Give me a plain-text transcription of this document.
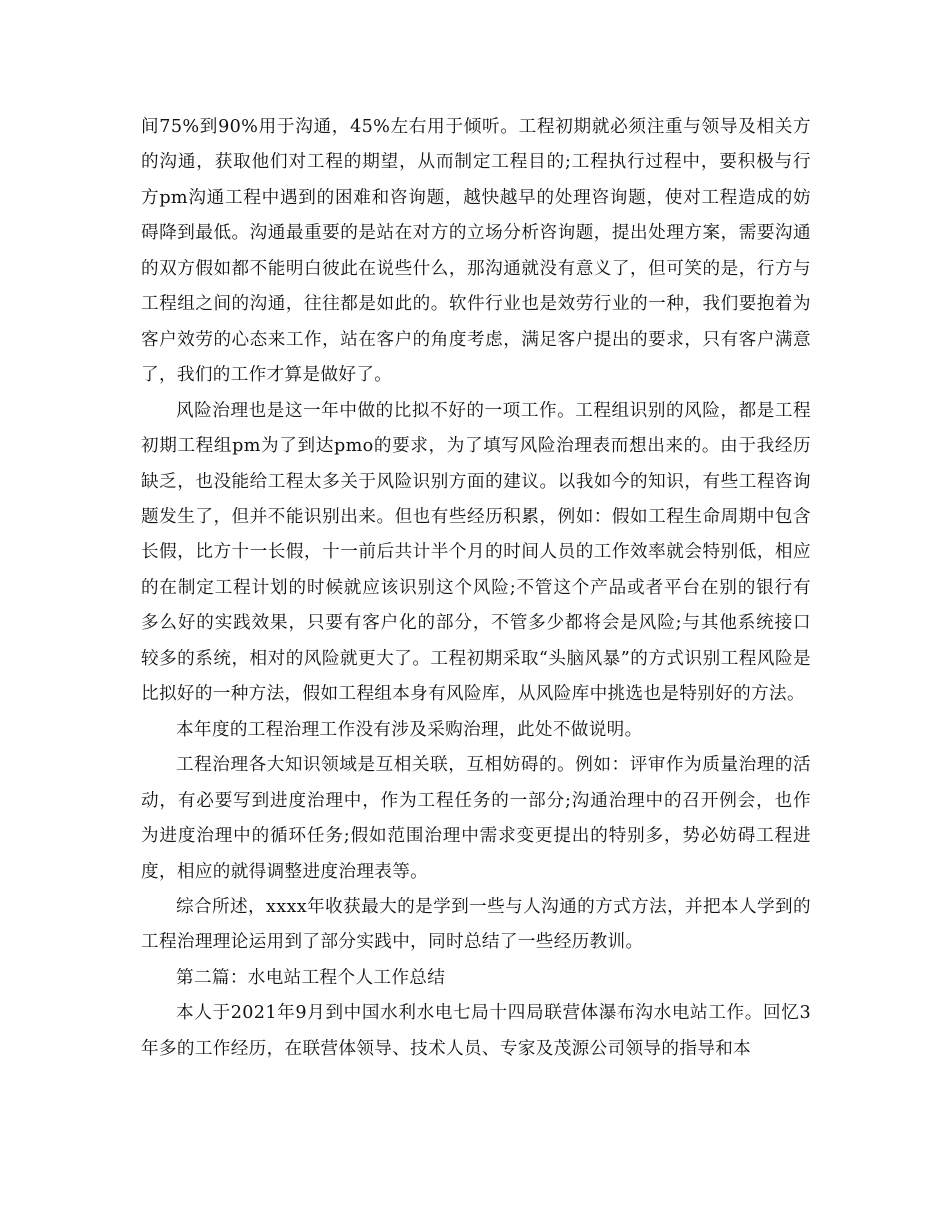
间75%到90%用于沟通，45%左右用于倾听。工程初期就必须注重与领导及相关方的沟通，获取他们对工程的期望，从而制定工程目的;工程执行过程中，要积极与行方pm沟通工程中遇到的困难和咨询题，越快越早的处理咨询题，使对工程造成的妨碍降到最低。沟通最重要的是站在对方的立场分析咨询题，提出处理方案，需要沟通的双方假如都不能明白彼此在说些什么，那沟通就没有意义了，但可笑的是，行方与工程组之间的沟通，往往都是如此的。软件行业也是效劳行业的一种，我们要抱着为客户效劳的心态来工作，站在客户的角度考虑，满足客户提出的要求，只有客户满意了，我们的工作才算是做好了。

风险治理也是这一年中做的比拟不好的一项工作。工程组识别的风险，都是工程初期工程组pm为了到达pmo的要求，为了填写风险治理表而想出来的。由于我经历缺乏，也没能给工程太多关于风险识别方面的建议。以我如今的知识，有些工程咨询题发生了，但并不能识别出来。但也有些经历积累，例如：假如工程生命周期中包含长假，比方十一长假，十一前后共计半个月的时间人员的工作效率就会特别低，相应的在制定工程计划的时候就应该识别这个风险;不管这个产品或者平台在别的银行有多么好的实践效果，只要有客户化的部分，不管多少都将会是风险;与其他系统接口较多的系统，相对的风险就更大了。工程初期采取“头脑风暴”的方式识别工程风险是比拟好的一种方法，假如工程组本身有风险库，从风险库中挑选也是特别好的方法。

本年度的工程治理工作没有涉及采购治理，此处不做说明。

工程治理各大知识领域是互相关联，互相妨碍的。例如：评审作为质量治理的活动，有必要写到进度治理中，作为工程任务的一部分;沟通治理中的召开例会，也作为进度治理中的循环任务;假如范围治理中需求变更提出的特别多，势必妨碍工程进度，相应的就得调整进度治理表等。

综合所述，xxxx年收获最大的是学到一些与人沟通的方式方法，并把本人学到的工程治理理论运用到了部分实践中，同时总结了一些经历教训。

第二篇：水电站工程个人工作总结

本人于2021年9月到中国水利水电七局十四局联营体瀑布沟水电站工作。回忆3年多的工作经历，在联营体领导、技术人员、专家及茂源公司领导的指导和本
